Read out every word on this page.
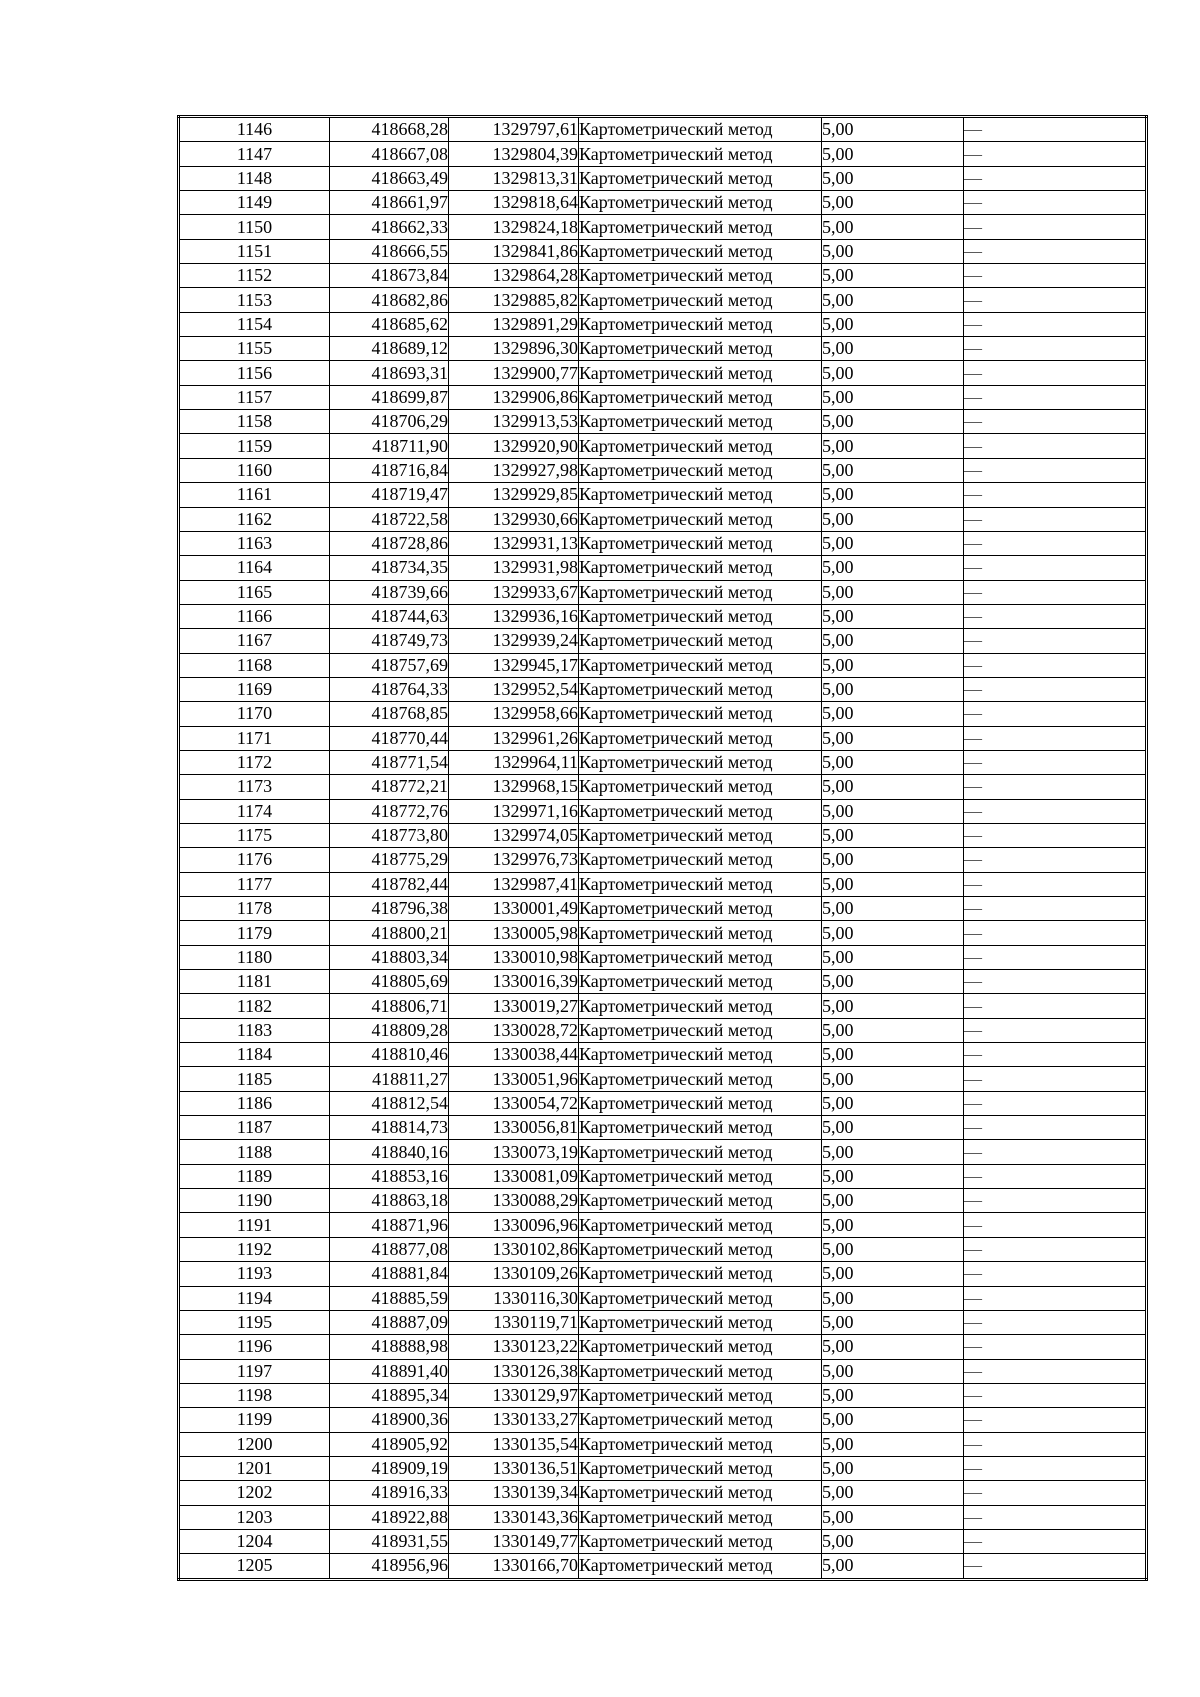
1146	418668,28	1329797,61	Картометрический метод	5,00	—
1147	418667,08	1329804,39	Картометрический метод	5,00	—
1148	418663,49	1329813,31	Картометрический метод	5,00	—
1149	418661,97	1329818,64	Картометрический метод	5,00	—
1150	418662,33	1329824,18	Картометрический метод	5,00	—
1151	418666,55	1329841,86	Картометрический метод	5,00	—
1152	418673,84	1329864,28	Картометрический метод	5,00	—
1153	418682,86	1329885,82	Картометрический метод	5,00	—
1154	418685,62	1329891,29	Картометрический метод	5,00	—
1155	418689,12	1329896,30	Картометрический метод	5,00	—
1156	418693,31	1329900,77	Картометрический метод	5,00	—
1157	418699,87	1329906,86	Картометрический метод	5,00	—
1158	418706,29	1329913,53	Картометрический метод	5,00	—
1159	418711,90	1329920,90	Картометрический метод	5,00	—
1160	418716,84	1329927,98	Картометрический метод	5,00	—
1161	418719,47	1329929,85	Картометрический метод	5,00	—
1162	418722,58	1329930,66	Картометрический метод	5,00	—
1163	418728,86	1329931,13	Картометрический метод	5,00	—
1164	418734,35	1329931,98	Картометрический метод	5,00	—
1165	418739,66	1329933,67	Картометрический метод	5,00	—
1166	418744,63	1329936,16	Картометрический метод	5,00	—
1167	418749,73	1329939,24	Картометрический метод	5,00	—
1168	418757,69	1329945,17	Картометрический метод	5,00	—
1169	418764,33	1329952,54	Картометрический метод	5,00	—
1170	418768,85	1329958,66	Картометрический метод	5,00	—
1171	418770,44	1329961,26	Картометрический метод	5,00	—
1172	418771,54	1329964,11	Картометрический метод	5,00	—
1173	418772,21	1329968,15	Картометрический метод	5,00	—
1174	418772,76	1329971,16	Картометрический метод	5,00	—
1175	418773,80	1329974,05	Картометрический метод	5,00	—
1176	418775,29	1329976,73	Картометрический метод	5,00	—
1177	418782,44	1329987,41	Картометрический метод	5,00	—
1178	418796,38	1330001,49	Картометрический метод	5,00	—
1179	418800,21	1330005,98	Картометрический метод	5,00	—
1180	418803,34	1330010,98	Картометрический метод	5,00	—
1181	418805,69	1330016,39	Картометрический метод	5,00	—
1182	418806,71	1330019,27	Картометрический метод	5,00	—
1183	418809,28	1330028,72	Картометрический метод	5,00	—
1184	418810,46	1330038,44	Картометрический метод	5,00	—
1185	418811,27	1330051,96	Картометрический метод	5,00	—
1186	418812,54	1330054,72	Картометрический метод	5,00	—
1187	418814,73	1330056,81	Картометрический метод	5,00	—
1188	418840,16	1330073,19	Картометрический метод	5,00	—
1189	418853,16	1330081,09	Картометрический метод	5,00	—
1190	418863,18	1330088,29	Картометрический метод	5,00	—
1191	418871,96	1330096,96	Картометрический метод	5,00	—
1192	418877,08	1330102,86	Картометрический метод	5,00	—
1193	418881,84	1330109,26	Картометрический метод	5,00	—
1194	418885,59	1330116,30	Картометрический метод	5,00	—
1195	418887,09	1330119,71	Картометрический метод	5,00	—
1196	418888,98	1330123,22	Картометрический метод	5,00	—
1197	418891,40	1330126,38	Картометрический метод	5,00	—
1198	418895,34	1330129,97	Картометрический метод	5,00	—
1199	418900,36	1330133,27	Картометрический метод	5,00	—
1200	418905,92	1330135,54	Картометрический метод	5,00	—
1201	418909,19	1330136,51	Картометрический метод	5,00	—
1202	418916,33	1330139,34	Картометрический метод	5,00	—
1203	418922,88	1330143,36	Картометрический метод	5,00	—
1204	418931,55	1330149,77	Картометрический метод	5,00	—
1205	418956,96	1330166,70	Картометрический метод	5,00	—
